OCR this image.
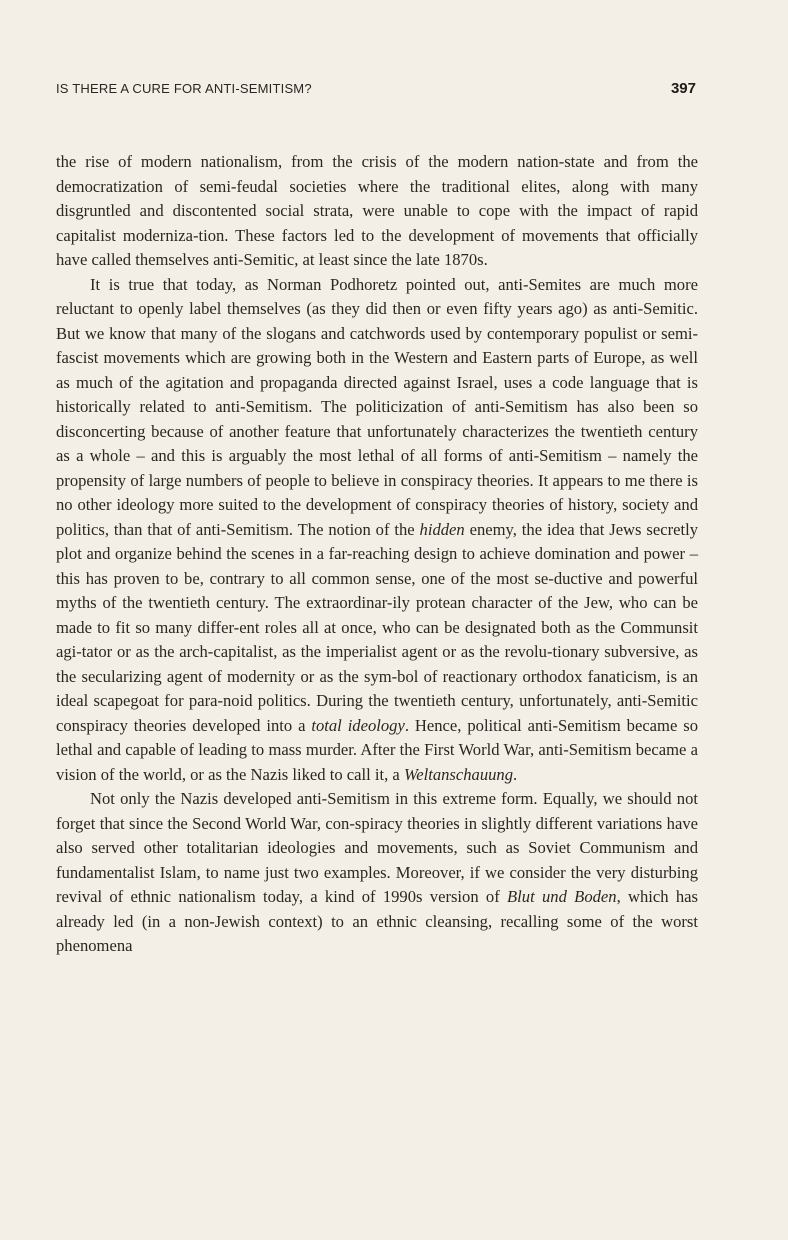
IS THERE A CURE FOR ANTI-SEMITISM?	397

the rise of modern nationalism, from the crisis of the modern nation-state and from the democratization of semi-feudal societies where the traditional elites, along with many disgruntled and discontented social strata, were unable to cope with the impact of rapid capitalist moderniza-tion. These factors led to the development of movements that officially have called themselves anti-Semitic, at least since the late 1870s.

It is true that today, as Norman Podhoretz pointed out, anti-Semites are much more reluctant to openly label themselves (as they did then or even fifty years ago) as anti-Semitic. But we know that many of the slogans and catchwords used by contemporary populist or semi-fascist movements which are growing both in the Western and Eastern parts of Europe, as well as much of the agitation and propaganda directed against Israel, uses a code language that is historically related to anti-Semitism. The politicization of anti-Semitism has also been so disconcerting because of another feature that unfortunately characterizes the twentieth century as a whole – and this is arguably the most lethal of all forms of anti-Semitism – namely the propensity of large numbers of people to believe in conspiracy theories. It appears to me there is no other ideology more suited to the development of conspiracy theories of history, society and politics, than that of anti-Semitism. The notion of the hidden enemy, the idea that Jews secretly plot and organize behind the scenes in a far-reaching design to achieve domination and power – this has proven to be, contrary to all common sense, one of the most se-ductive and powerful myths of the twentieth century. The extraordinar-ily protean character of the Jew, who can be made to fit so many differ-ent roles all at once, who can be designated both as the Communsit agi-tator or as the arch-capitalist, as the imperialist agent or as the revolu-tionary subversive, as the secularizing agent of modernity or as the sym-bol of reactionary orthodox fanaticism, is an ideal scapegoat for para-noid politics. During the twentieth century, unfortunately, anti-Semitic conspiracy theories developed into a total ideology. Hence, political anti-Semitism became so lethal and capable of leading to mass murder. After the First World War, anti-Semitism became a vision of the world, or as the Nazis liked to call it, a Weltanschauung.

Not only the Nazis developed anti-Semitism in this extreme form. Equally, we should not forget that since the Second World War, con-spiracy theories in slightly different variations have also served other totalitarian ideologies and movements, such as Soviet Communism and fundamentalist Islam, to name just two examples. Moreover, if we consider the very disturbing revival of ethnic nationalism today, a kind of 1990s version of Blut und Boden, which has already led (in a non-Jewish context) to an ethnic cleansing, recalling some of the worst phenomena
